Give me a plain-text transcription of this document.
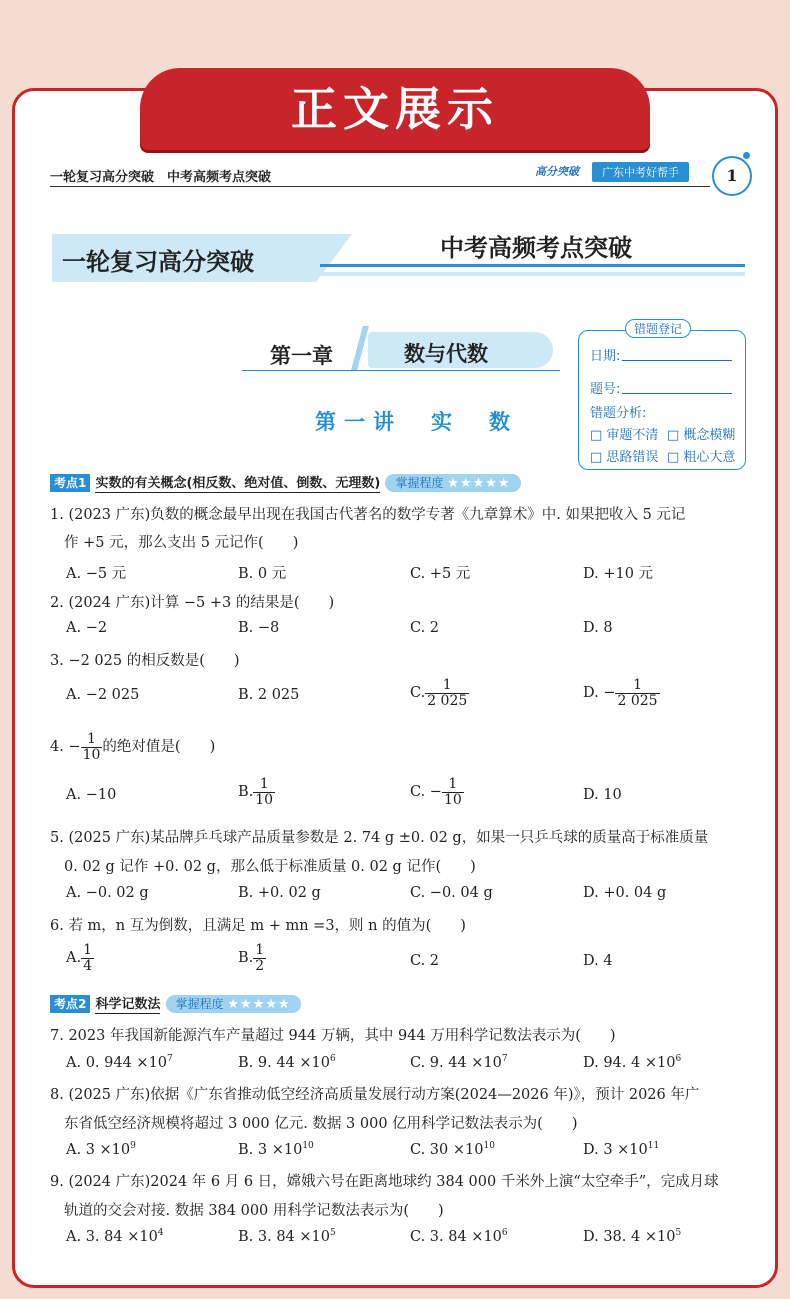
正文展示
一轮复习高分突破　中考高频考点突破	高分突破	广东中考好帮手	1
一轮复习高分突破	中考高频考点突破
第一章	数与代数
第一讲　实　数
错题登记
日期:
题号:
错题分析:
□ 审题不清 □ 概念模糊
□ 思路错误 □ 粗心大意
考点1 实数的有关概念(相反数、绝对值、倒数、无理数) 掌握程度 ★★★★★
1. (2023 广东)负数的概念最早出现在我国古代著名的数学专著《九章算术》中. 如果把收入 5 元记
作 +5 元，那么支出 5 元记作(　　)
A. −5 元	B. 0 元	C. +5 元	D. +10 元
2. (2024 广东)计算 −5 +3 的结果是(　　)
A. −2	B. −8	C. 2	D. 8
3. −2 025 的相反数是(　　)
A. −2 025	B. 2 025	C. $\frac{1}{2 025}$	D. − $\frac{1}{2 025}$
4. − $\frac{1}{10}$ 的绝对值是(　　)
A. −10	B. $\frac{1}{10}$	C. − $\frac{1}{10}$	D. 10
5. (2025 广东)某品牌乒乓球产品质量参数是 2. 74 g ±0. 02 g，如果一只乒乓球的质量高于标准质量
0. 02 g 记作 +0. 02 g，那么低于标准质量 0. 02 g 记作(　　)
A. −0. 02 g	B. +0. 02 g	C. −0. 04 g	D. +0. 04 g
6. 若 m，n 互为倒数，且满足 m + mn =3，则 n 的值为(　　)
A. $\frac{1}{4}$	B. $\frac{1}{2}$	C. 2	D. 4
考点2 科学记数法 掌握程度 ★★★★★
7. 2023 年我国新能源汽车产量超过 944 万辆，其中 944 万用科学记数法表示为(　　)
A. 0. $944 \times 10^7$	B. 9. $44 \times 10^6$	C. 9. $44 \times 10^7$	D. 94. $4 \times 10^6$
8. (2025 广东)依据《广东省推动低空经济高质量发展行动方案(2024—2026 年)》，预计 2026 年广
东省低空经济规模将超过 3 000 亿元. 数据 3 000 亿用科学记数法表示为(　　)
A. $3 \times 10^9$	B. $3 \times 10^{10}$	C. $30 \times 10^{10}$	D. $3 \times 10^{11}$
9. (2024 广东)2024 年 6 月 6 日，嫦娥六号在距离地球约 384 000 千米外上演“太空牵手”，完成月球
轨道的交会对接. 数据 384 000 用科学记数法表示为(　　)
A. 3. $84 \times 10^4$	B. 3. $84 \times 10^5$	C. 3. $84 \times 10^6$	D. 38. $4 \times 10^5$
